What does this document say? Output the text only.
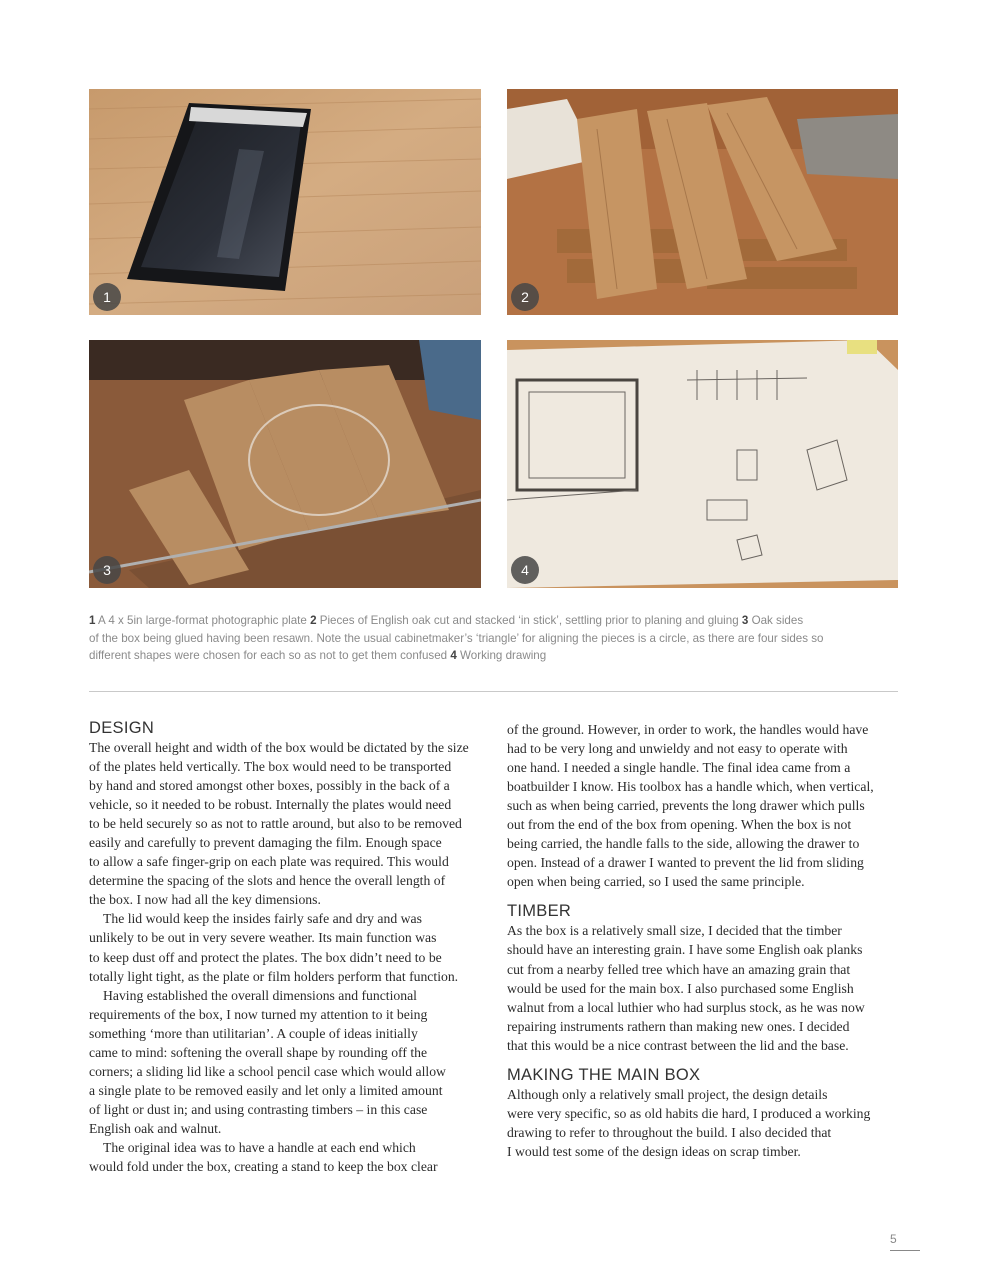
1	2
3	4
1 A 4 x 5in large-format photographic plate 2 Pieces of English oak cut and stacked ‘in stick’, settling prior to planing and gluing 3 Oak sides
of the box being glued having been resawn. Note the usual cabinetmaker’s ‘triangle’ for aligning the pieces is a circle, as there are four sides so
different shapes were chosen for each so as not to get them confused 4 Working drawing
DESIGN

The overall height and width of the box would be dictated by the size
of the plates held vertically. The box would need to be transported
by hand and stored amongst other boxes, possibly in the back of a
vehicle, so it needed to be robust. Internally the plates would need
to be held securely so as not to rattle around, but also to be removed
easily and carefully to prevent damaging the film. Enough space
to allow a safe finger-grip on each plate was required. This would
determine the spacing of the slots and hence the overall length of
the box. I now had all the key dimensions.

The lid would keep the insides fairly safe and dry and was
unlikely to be out in very severe weather. Its main function was
to keep dust off and protect the plates. The box didn’t need to be
totally light tight, as the plate or film holders perform that function.

Having established the overall dimensions and functional
requirements of the box, I now turned my attention to it being
something ‘more than utilitarian’. A couple of ideas initially
came to mind: softening the overall shape by rounding off the
corners; a sliding lid like a school pencil case which would allow
a single plate to be removed easily and let only a limited amount
of light or dust in; and using contrasting timbers – in this case
English oak and walnut.

The original idea was to have a handle at each end which
would fold under the box, creating a stand to keep the box clear

of the ground. However, in order to work, the handles would have
had to be very long and unwieldy and not easy to operate with
one hand. I needed a single handle. The final idea came from a
boatbuilder I know. His toolbox has a handle which, when vertical,
such as when being carried, prevents the long drawer which pulls
out from the end of the box from opening. When the box is not
being carried, the handle falls to the side, allowing the drawer to
open. Instead of a drawer I wanted to prevent the lid from sliding
open when being carried, so I used the same principle.

TIMBER

As the box is a relatively small size, I decided that the timber
should have an interesting grain. I have some English oak planks
cut from a nearby felled tree which have an amazing grain that
would be used for the main box. I also purchased some English
walnut from a local luthier who had surplus stock, as he was now
repairing instruments rathern than making new ones. I decided
that this would be a nice contrast between the lid and the base.

MAKING THE MAIN BOX

Although only a relatively small project, the design details
were very specific, so as old habits die hard, I produced a working
drawing to refer to throughout the build. I also decided that
I would test some of the design ideas on scrap timber.

5
